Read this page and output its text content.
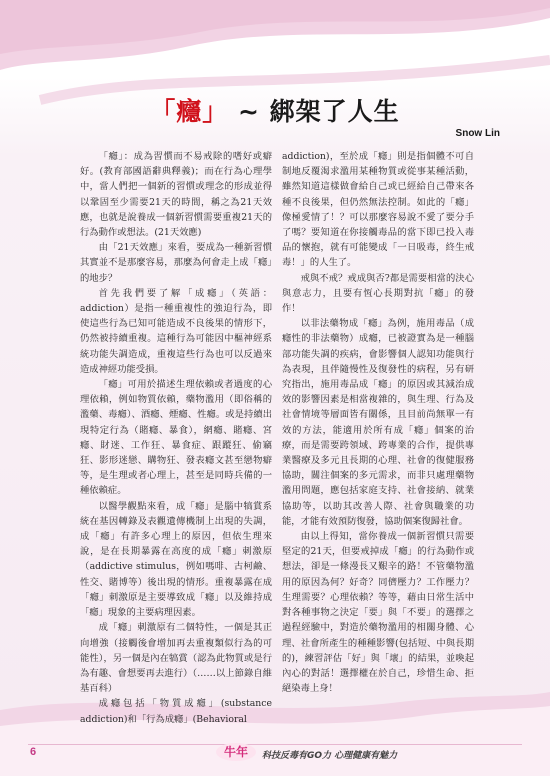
「癮」 ~ 綁架了人生
Snow Lin

「癮」：成為習慣而不易戒除的嗜好或癖好。(教育部國語辭典釋義)；而在行為心理學中，當人們把一個新的習慣或理念的形成並得以鞏固至少需要21天的時間，稱之為21天效應，也就是說養成一個新習慣需要重複21天的行為動作或想法。(21天效應)

由「21天效應」來看，要成為一種新習慣其實並不是那麼容易，那麼為何會走上成「癮」的地步？

首先我們要了解「成癮」（英語：addiction）是指一種重複性的強迫行為，即使這些行為已知可能造成不良後果的情形下，仍然被持續重複。這種行為可能因中樞神經系統功能失調造成，重複這些行為也可以反過來造成神經功能受損。

「癮」可用於描述生理依賴或者過度的心理依賴，例如物質依賴，藥物濫用（即俗稱的濫藥、毒癮）、酒癮、煙癮、性癮。或是持續出現特定行為（賭癮、暴食），網癮、賭癮、宮癮、財迷、工作狂、暴食症、跟蹤狂、偷竊狂、影形迷戀、購物狂、發表癮文甚至戀物癖等，是生理或者心理上，甚至是同時兵備的一種依賴症。

以醫學觀點來看，成「癮」是腦中犒賞系統在基因轉錄及表觀遺傳機制上出現的失調，成「癮」有許多心理上的原因，但依生理來說，是在長期暴露在高度的成「癮」刺激原（addictive stimulus，例如嗎啡、古柯鹼、性交、賭博等）後出現的情形。重複暴露在成「癮」刺激原是主要導致成「癮」以及維持成「癮」現象的主要病理因素。

成「癮」刺激原有二個特性，一個是其正向增強（接觸後會增加再去重複類似行為的可能性），另一個是內在犒賞（認為此物質或是行為有趣、會想要再去進行）（……以上節錄自維基百科）

成癮包括「物質成癮」(substance addiction)和「行為成癮」(Behavioral

addiction)，至於成「癮」則是指個體不可自制地反覆渴求濫用某種物質或從事某種活動，雖然知道這樣做會給自己或已經給自己帶來各種不良後果，但仍然無法控制。如此的「癮」像極愛情了！？可以那麼容易說不愛了要分手了嗎？要知道在你接觸毒品的當下即已投入毒品的懷抱，就有可能變成「一日吸毒，終生戒毒！」的人生了。

戒與不戒？戒成與否?都是需要相當的決心與意志力，且要有恆心長期對抗「癮」的發作！

以非法藥物成「癮」為例，施用毒品（成癮性的非法藥物）成癮，已被證實為是一種腦部功能失調的疾病，會影響個人認知功能與行為表現，且伴隨慢性及復發性的病程，另有研究指出，施用毒品成「癮」的原因或其減治成效的影響因素是相當複雜的，與生理、行為及社會情境等層面皆有關係，且目前尚無單一有效的方法，能適用於所有成「癮」個案的治療，而是需要跨領域、跨專業的合作，提供專業醫療及多元且長期的心理、社會的復健服務協助，關注個案的多元需求，而非只處理藥物濫用問題，應包括家庭支持、社會接納、就業協助等，以助其改善人際、社會與職業的功能，才能有效預防復發，協助個案復歸社會。

由以上得知，當你養成一個新習慣只需要堅定的21天，但要戒掉成「癮」的行為動作或想法，卻是一條漫長又艱辛的路！不管藥物濫用的原因為何？好奇？同儕壓力？工作壓力？生理需要？心理依賴？等等，藉由日常生活中對各種事物之決定「要」與「不要」的選擇之過程經驗中，對造於藥物濫用的相關身體、心理、社會所產生的種種影響(包括短、中與長期的)，練習評估「好」與「壞」的結果，並喚起內心的對話！選擇權在於自己，珍惜生命、拒絕染毒上身！

6	牛年 科技反毒有GO力 心理健康有魅力
